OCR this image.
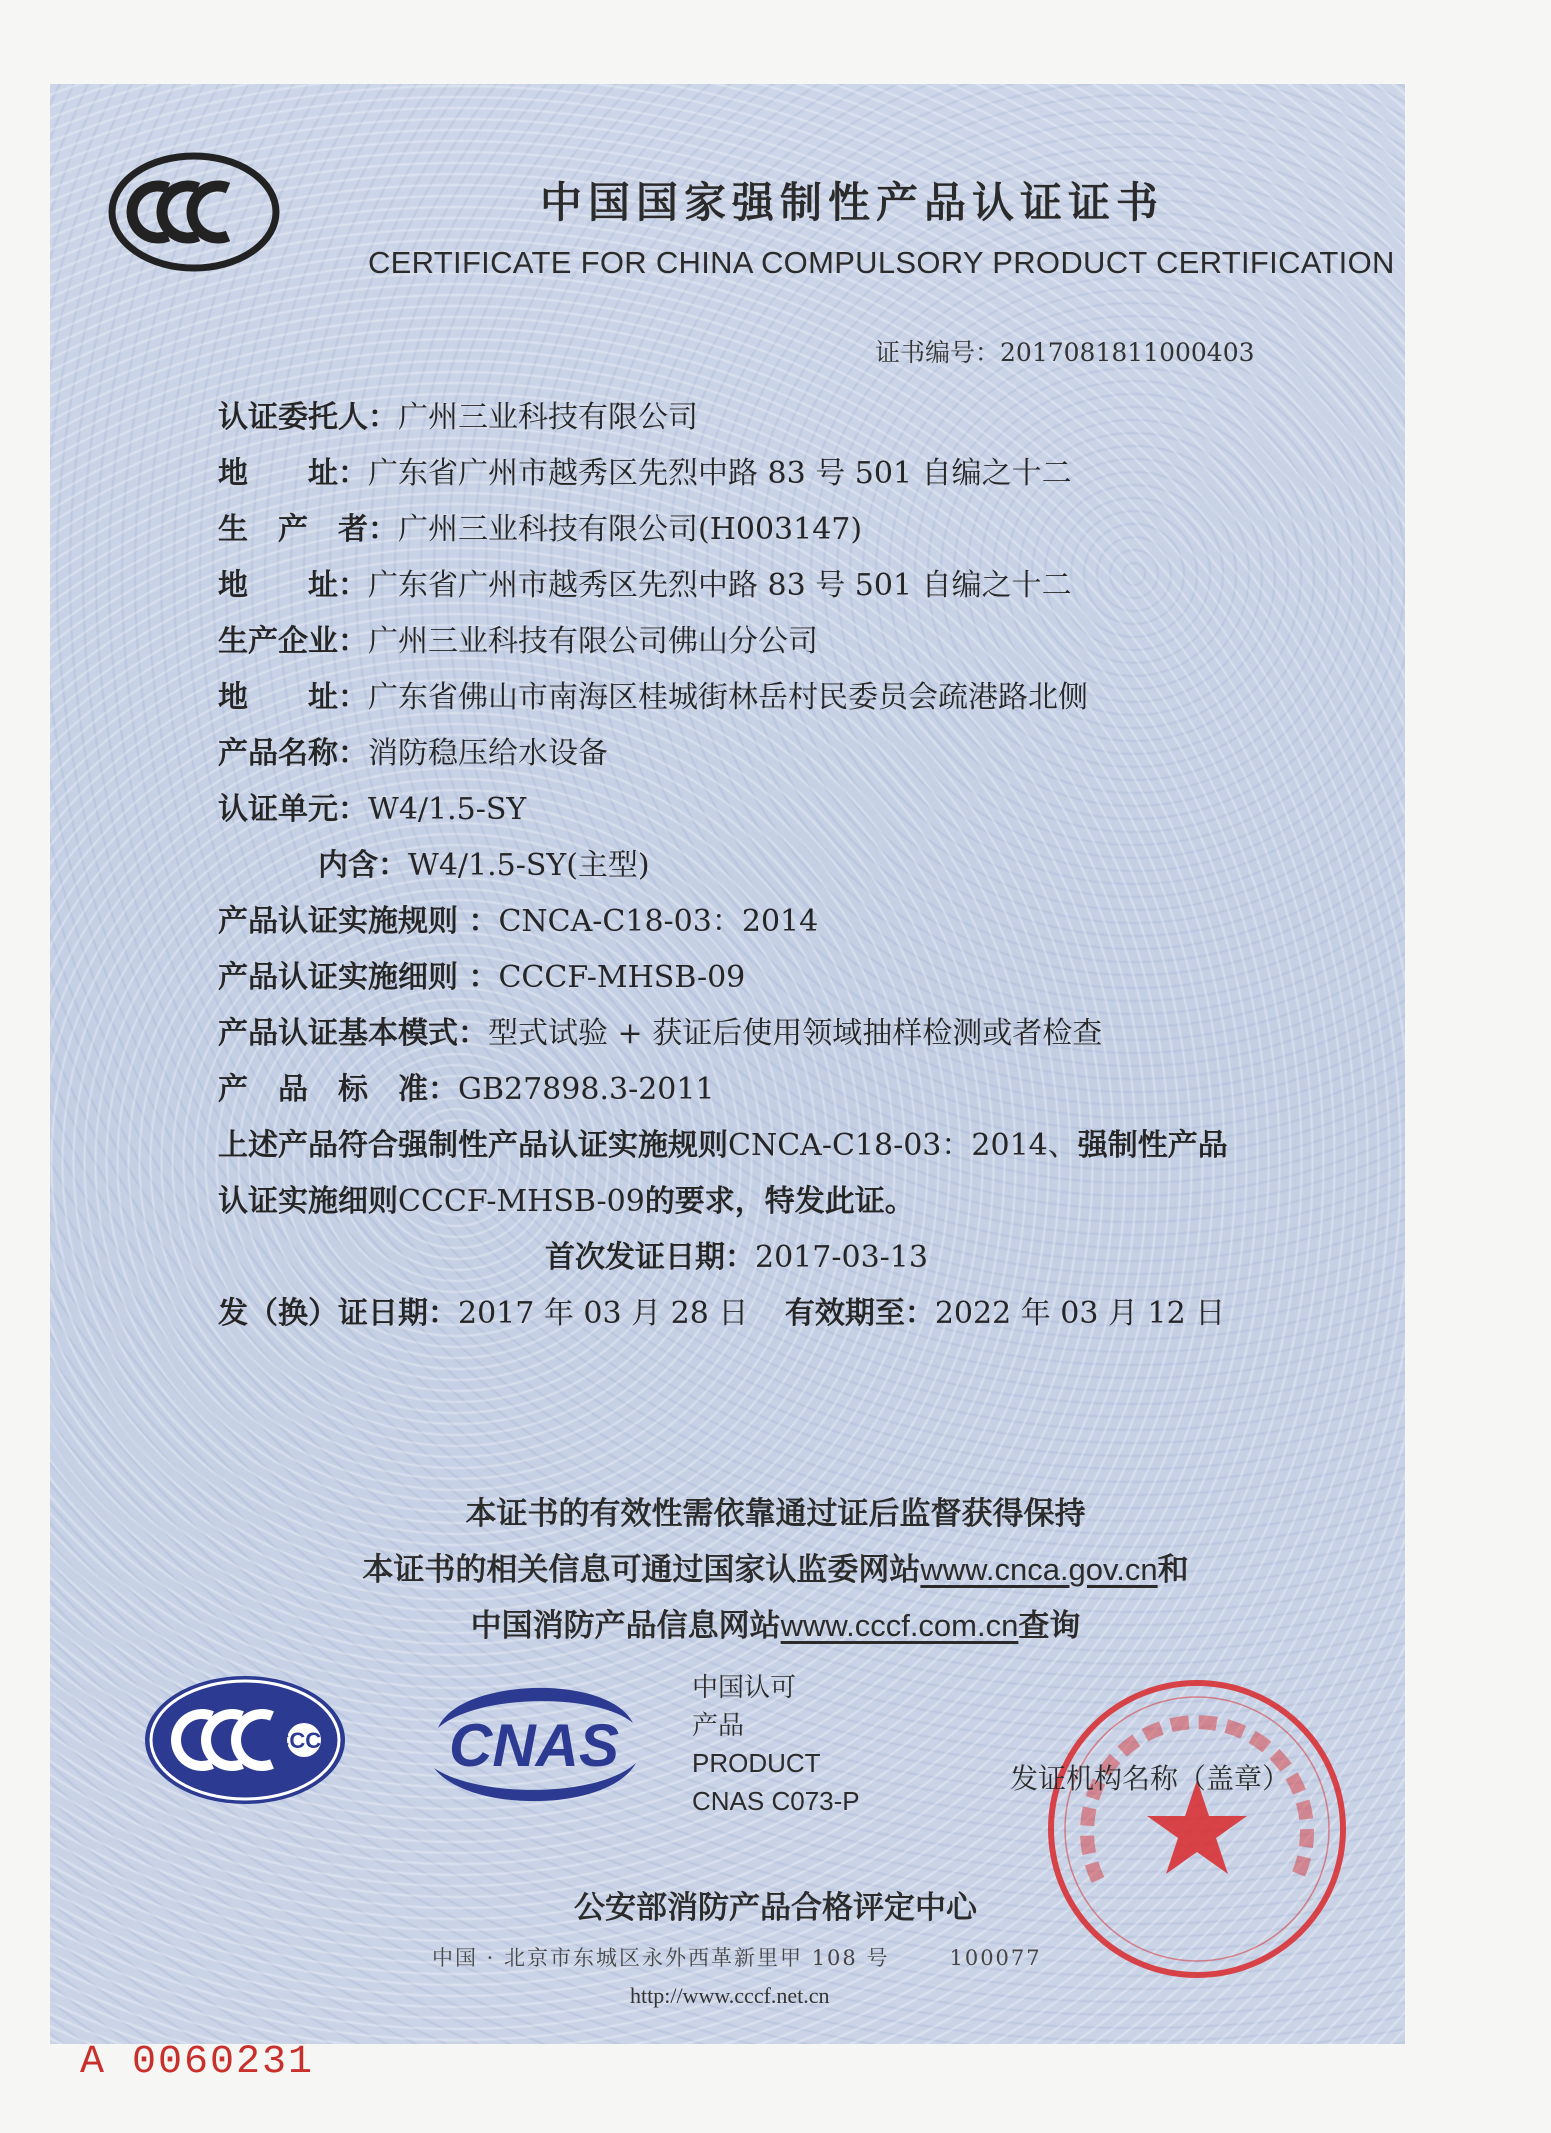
中国国家强制性产品认证证书
CERTIFICATE FOR CHINA COMPULSORY PRODUCT CERTIFICATION
证书编号：2017081811000403
认证委托人：广州三业科技有限公司
地　　址：广东省广州市越秀区先烈中路 83 号 501 自编之十二
生　产　者：广州三业科技有限公司(H003147)
地　　址：广东省广州市越秀区先烈中路 83 号 501 自编之十二
生产企业：广州三业科技有限公司佛山分公司
地　　址：广东省佛山市南海区桂城街林岳村民委员会疏港路北侧
产品名称：消防稳压给水设备
认证单元：W4/1.5-SY
内含：W4/1.5-SY(主型)
产品认证实施规则 ：CNCA-C18-03：2014
产品认证实施细则 ：CCCF-MHSB-09
产品认证基本模式：型式试验 + 获证后使用领域抽样检测或者检查
产　品　标　准：GB27898.3-2011
上述产品符合强制性产品认证实施规则CNCA-C18-03：2014、强制性产品
认证实施细则CCCF-MHSB-09的要求，特发此证。
首次发证日期：2017-03-13
发（换）证日期：2017 年 03 月 28 日 有效期至：2022 年 03 月 12 日
本证书的有效性需依靠通过证后监督获得保持
本证书的相关信息可通过国家认监委网站www.cnca.gov.cn和
中国消防产品信息网站www.cccf.com.cn查询
CCCF CNAS
中国认可
产品
PRODUCT
CNAS C073-P
发证机构名称（盖章）
公安部消防产品合格评定中心
中国 · 北京市东城区永外西革新里甲 108 号	100077
http://www.cccf.net.cn
A 0060231
